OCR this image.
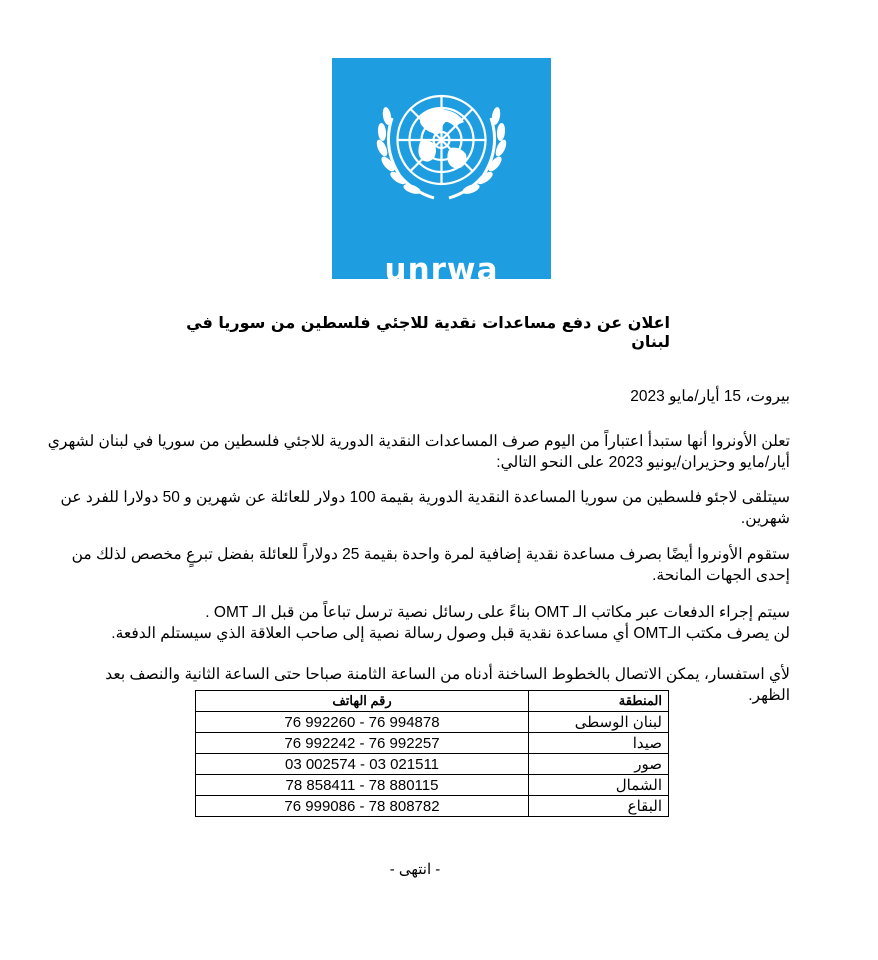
unrwa
الاونروا
اعلان عن دفع مساعدات نقدية للاجئي فلسطين من سوريا في لبنان
بيروت، 15 أيار/مايو 2023
تعلن الأونروا أنها ستبدأ اعتباراً من اليوم صرف المساعدات النقدية الدورية للاجئي فلسطين من سوريا في لبنان لشهري
أيار/مايو وحزيران/يونيو 2023 على النحو التالي:
سيتلقى لاجئو فلسطين من سوريا المساعدة النقدية الدورية بقيمة 100 دولار للعائلة عن شهرين و 50 دولارا للفرد عن
شهرين.
ستقوم الأونروا أيضًا بصرف مساعدة نقدية إضافية لمرة واحدة بقيمة 25 دولاراً للعائلة بفضل تبرعٍ مخصص لذلك من
إحدى الجهات المانحة.
سيتم إجراء الدفعات عبر مكاتب الـ OMT بناءً على رسائل نصية ترسل تباعاً من قبل الـ OMT .
لن يصرف مكتب الـOMT أي مساعدة نقدية قبل وصول رسالة نصية إلى صاحب العلاقة الذي سيستلم الدفعة.
لأي استفسار، يمكن الاتصال بالخطوط الساخنة أدناه من الساعة الثامنة صباحا حتى الساعة الثانية والنصف بعد الظهر.
المنطقة	رقم الهاتف
لبنان الوسطى	76 992260 - 76 994878
صيدا	76 992242 - 76 992257
صور	03 002574 - 03 021511
الشمال	78 858411 - 78 880115
البقاع	76 999086 - 78 808782
- انتهى -
